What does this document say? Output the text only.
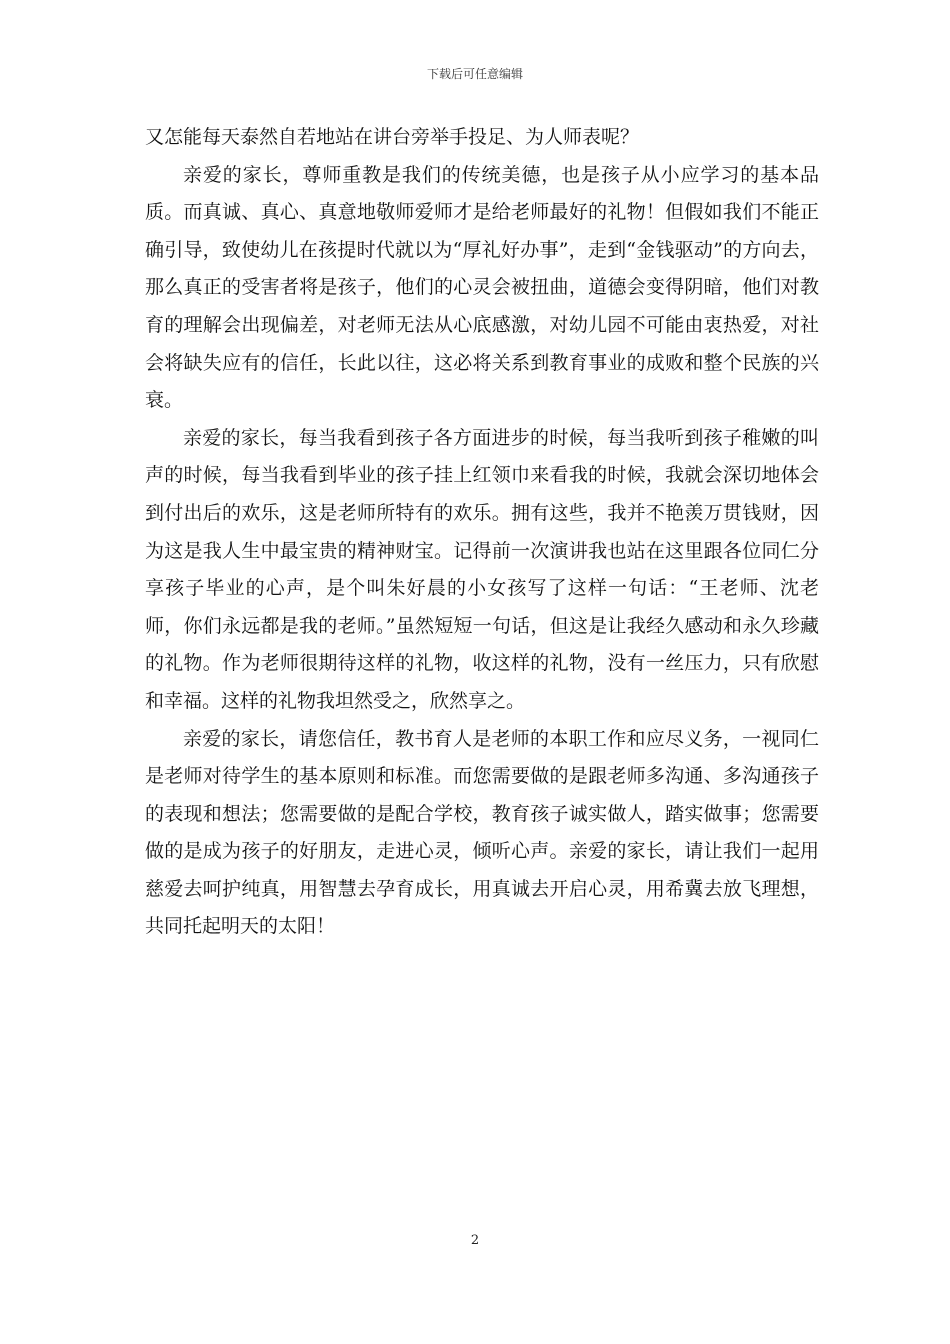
下载后可任意编辑

又怎能每天泰然自若地站在讲台旁举手投足、为人师表呢？

亲爱的家长，尊师重教是我们的传统美德，也是孩子从小应学习的基本品质。而真诚、真心、真意地敬师爱师才是给老师最好的礼物！但假如我们不能正确引导，致使幼儿在孩提时代就以为“厚礼好办事”，走到“金钱驱动”的方向去，那么真正的受害者将是孩子，他们的心灵会被扭曲，道德会变得阴暗，他们对教育的理解会出现偏差，对老师无法从心底感激，对幼儿园不可能由衷热爱，对社会将缺失应有的信任，长此以往，这必将关系到教育事业的成败和整个民族的兴衰。

亲爱的家长，每当我看到孩子各方面进步的时候，每当我听到孩子稚嫩的叫声的时候，每当我看到毕业的孩子挂上红领巾来看我的时候，我就会深切地体会到付出后的欢乐，这是老师所特有的欢乐。拥有这些，我并不艳羡万贯钱财，因为这是我人生中最宝贵的精神财宝。记得前一次演讲我也站在这里跟各位同仁分享孩子毕业的心声，是个叫朱好晨的小女孩写了这样一句话：“王老师、沈老师，你们永远都是我的老师。”虽然短短一句话，但这是让我经久感动和永久珍藏的礼物。作为老师很期待这样的礼物，收这样的礼物，没有一丝压力，只有欣慰和幸福。这样的礼物我坦然受之，欣然享之。

亲爱的家长，请您信任，教书育人是老师的本职工作和应尽义务，一视同仁是老师对待学生的基本原则和标准。而您需要做的是跟老师多沟通、多沟通孩子的表现和想法；您需要做的是配合学校，教育孩子诚实做人，踏实做事；您需要做的是成为孩子的好朋友，走进心灵，倾听心声。亲爱的家长，请让我们一起用慈爱去呵护纯真，用智慧去孕育成长，用真诚去开启心灵，用希冀去放飞理想，共同托起明天的太阳！

2
